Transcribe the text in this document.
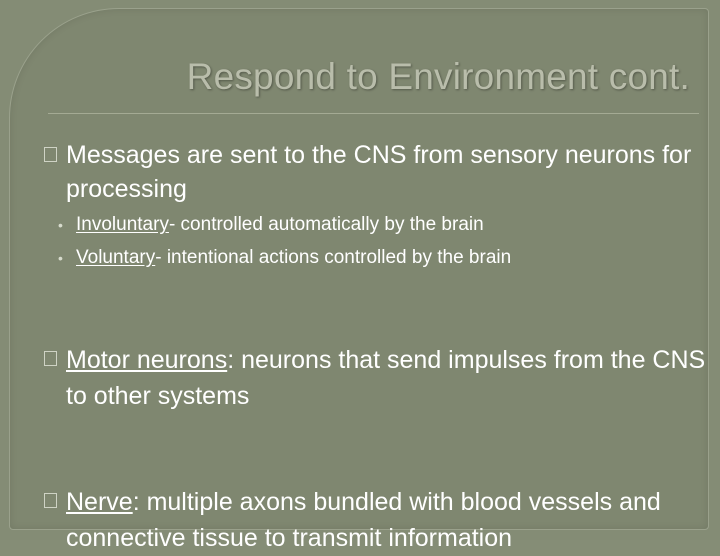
Respond to Environment cont.
Messages are sent to the CNS from sensory neurons for processing
• Involuntary- controlled automatically by the brain
• Voluntary- intentional actions controlled by the brain
Motor neurons: neurons that send impulses from the CNS to other systems
Nerve: multiple axons bundled with blood vessels and connective tissue to transmit information
